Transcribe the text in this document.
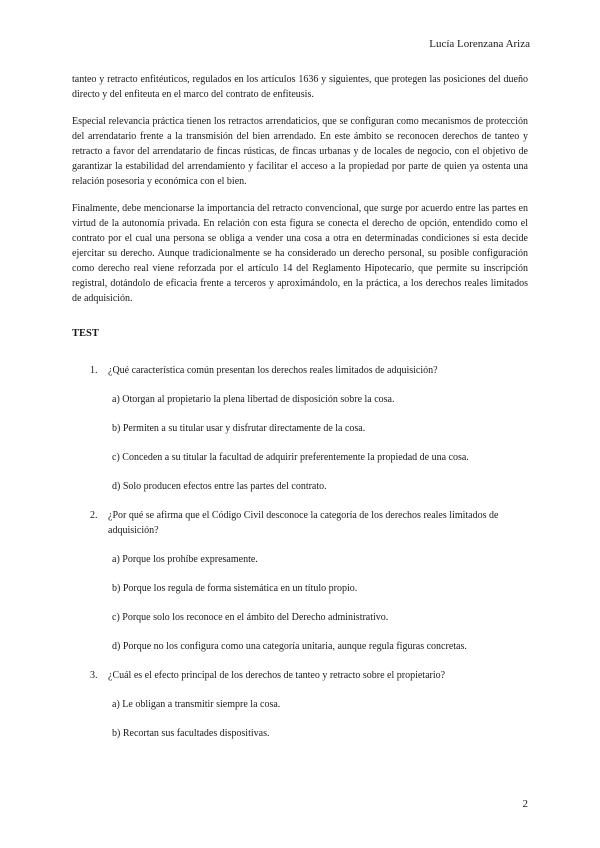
Lucía Lorenzana Ariza

tanteo y retracto enfitéuticos, regulados en los artículos 1636 y siguientes, que protegen las posiciones del dueño directo y del enfiteuta en el marco del contrato de enfiteusis.

Especial relevancia práctica tienen los retractos arrendaticios, que se configuran como mecanismos de protección del arrendatario frente a la transmisión del bien arrendado. En este ámbito se reconocen derechos de tanteo y retracto a favor del arrendatario de fincas rústicas, de fincas urbanas y de locales de negocio, con el objetivo de garantizar la estabilidad del arrendamiento y facilitar el acceso a la propiedad por parte de quien ya ostenta una relación posesoria y económica con el bien.

Finalmente, debe mencionarse la importancia del retracto convencional, que surge por acuerdo entre las partes en virtud de la autonomía privada. En relación con esta figura se conecta el derecho de opción, entendido como el contrato por el cual una persona se obliga a vender una cosa a otra en determinadas condiciones si esta decide ejercitar su derecho. Aunque tradicionalmente se ha considerado un derecho personal, su posible configuración como derecho real viene reforzada por el artículo 14 del Reglamento Hipotecario, que permite su inscripción registral, dotándolo de eficacia frente a terceros y aproximándolo, en la práctica, a los derechos reales limitados de adquisición.

TEST
1. ¿Qué característica común presentan los derechos reales limitados de adquisición?
a) Otorgan al propietario la plena libertad de disposición sobre la cosa.
b) Permiten a su titular usar y disfrutar directamente de la cosa.
c) Conceden a su titular la facultad de adquirir preferentemente la propiedad de una cosa.
d) Solo producen efectos entre las partes del contrato.
2. ¿Por qué se afirma que el Código Civil desconoce la categoría de los derechos reales limitados de adquisición?
a) Porque los prohíbe expresamente.
b) Porque los regula de forma sistemática en un título propio.
c) Porque solo los reconoce en el ámbito del Derecho administrativo.
d) Porque no los configura como una categoría unitaria, aunque regula figuras concretas.
3. ¿Cuál es el efecto principal de los derechos de tanteo y retracto sobre el propietario?
a) Le obligan a transmitir siempre la cosa.
b) Recortan sus facultades dispositivas.
2
